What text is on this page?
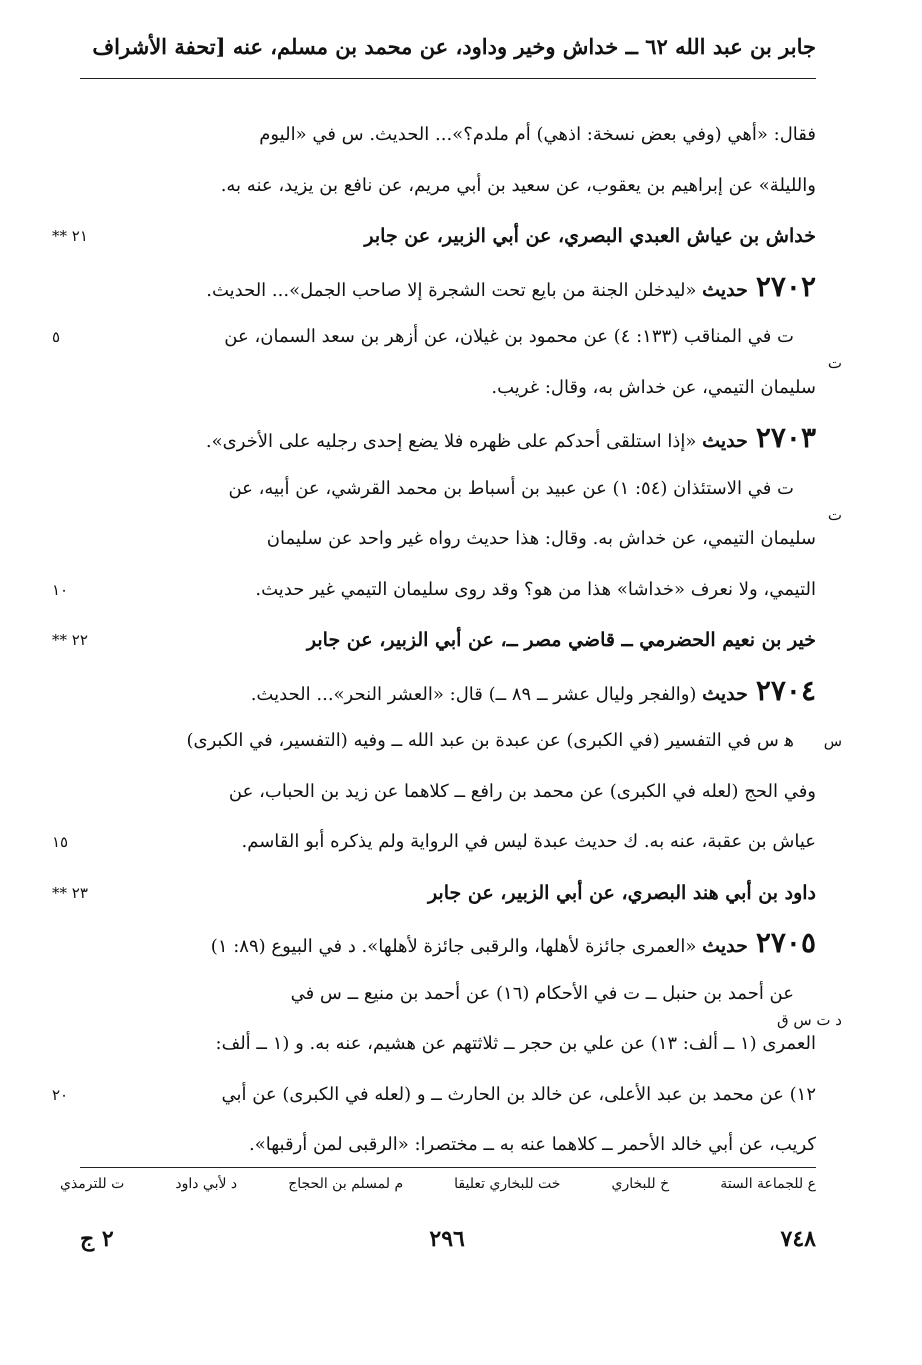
جابر بن عبد الله ٦٢ ــ خداش وخير وداود، عن محمد بن مسلم، عنه [تحفة الأشراف
فقال: «أهي (وفي بعض نسخة: اذهي) أم ملدم؟»... الحديث. س في «اليوم
والليلة» عن إبراهيم بن يعقوب، عن سعيد بن أبي مريم، عن نافع بن يزيد، عنه به.
خداش بن عياش العبدي البصري، عن أبي الزبير، عن جابر
٢١ **
٢٧٠٢حديث «ليدخلن الجنة من بايع تحت الشجرة إلا صاحب الجمل»... الحديث.
ت في المناقب (١٣٣: ٤) عن محمود بن غيلان، عن أزهر بن سعد السمان، عن
ت
٥
سليمان التيمي، عن خداش به، وقال: غريب.
٢٧٠٣حديث «إذا استلقى أحدكم على ظهره فلا يضع إحدى رجليه على الأخرى».
ت في الاستئذان (٥٤: ١) عن عبيد بن أسباط بن محمد القرشي، عن أبيه، عن
ت
سليمان التيمي، عن خداش به. وقال: هذا حديث رواه غير واحد عن سليمان
التيمي، ولا نعرف «خداشا» هذا من هو؟ وقد روى سليمان التيمي غير حديث.
١٠
خير بن نعيم الحضرمي ــ قاضي مصر ــ، عن أبي الزبير، عن جابر
٢٢ **
٢٧٠٤حديث (والفجر وليال عشر ــ ٨٩ ــ) قال: «العشر النحر»... الحديث.
ﻫ س في التفسير (في الكبرى) عن عبدة بن عبد الله ــ وفيه (التفسير، في الكبرى) س
وفي الحج (لعله في الكبرى) عن محمد بن رافع ــ كلاهما عن زيد بن الحباب، عن
عياش بن عقبة، عنه به. ك حديث عبدة ليس في الرواية ولم يذكره أبو القاسم.
١٥
داود بن أبي هند البصري، عن أبي الزبير، عن جابر
٢٣ **
٢٧٠٥حديث «العمرى جائزة لأهلها، والرقبى جائزة لأهلها». د في البيوع (٨٩: ١)
عن أحمد بن حنبل ــ ت في الأحكام (١٦) عن أحمد بن منيع ــ س في
د ت س ق
العمرى (١ ــ ألف: ١٣) عن علي بن حجر ــ ثلاثتهم عن هشيم، عنه به. و (١ ــ ألف:
١٢) عن محمد بن عبد الأعلى، عن خالد بن الحارث ــ و (لعله في الكبرى) عن أبي
٢٠
كريب، عن أبي خالد الأحمر ــ كلاهما عنه به ــ مختصرا: «الرقبى لمن أرقبها».
ع للجماعة الستة
خ للبخاري
خت للبخاري تعليقا
م لمسلم بن الحجاج
د لأبي داود
ت للترمذي
٧٤٨
٢٩٦
٢ ج
